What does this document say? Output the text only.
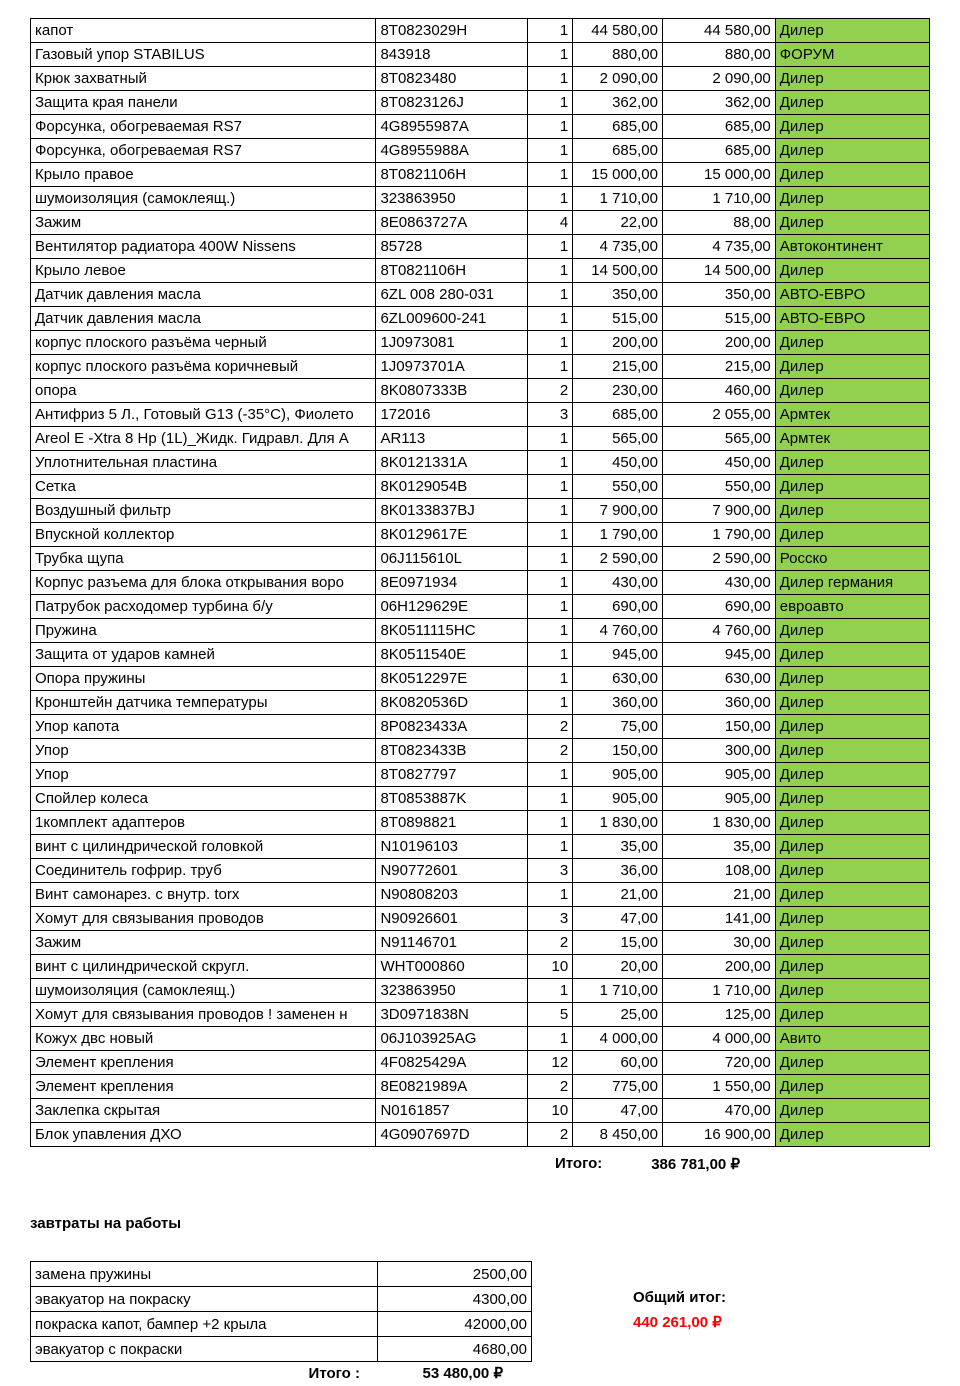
капот	8T0823029H	1	44 580,00	44 580,00	Дилер
Газовый упор STABILUS	843918	1	880,00	880,00	ФОРУМ
Крюк захватный	8T0823480	1	2 090,00	2 090,00	Дилер
Защита края панели	8T0823126J	1	362,00	362,00	Дилер
Форсунка, обогреваемая RS7	4G8955987A	1	685,00	685,00	Дилер
Форсунка, обогреваемая RS7	4G8955988A	1	685,00	685,00	Дилер
Крыло правое	8T0821106H	1	15 000,00	15 000,00	Дилер
шумоизоляция (самоклеящ.)	323863950	1	1 710,00	1 710,00	Дилер
Зажим	8E0863727A	4	22,00	88,00	Дилер
Вентилятор радиатора 400W Nissens	85728	1	4 735,00	4 735,00	Автоконтинент
Крыло левое	8T0821106H	1	14 500,00	14 500,00	Дилер
Датчик давления масла	6ZL 008 280-031	1	350,00	350,00	АВТО-ЕВРО
Датчик давления масла	6ZL009600-241	1	515,00	515,00	АВТО-ЕВРО
корпус плоского разъёма черный	1J0973081	1	200,00	200,00	Дилер
корпус плоского разъёма коричневый	1J0973701A	1	215,00	215,00	Дилер
опора	8K0807333B	2	230,00	460,00	Дилер
Антифриз 5 Л., Готовый G13 (-35°C), Фиолето	172016	3	685,00	2 055,00	Армтек
Areol E -Xtra 8 Hp (1L)_Жидк. Гидравл. Для А	AR113	1	565,00	565,00	Армтек
Уплотнительная пластина	8K0121331A	1	450,00	450,00	Дилер
Сетка	8K0129054B	1	550,00	550,00	Дилер
Воздушный фильтр	8K0133837BJ	1	7 900,00	7 900,00	Дилер
Впускной коллектор	8K0129617E	1	1 790,00	1 790,00	Дилер
Трубка щупа	06J115610L	1	2 590,00	2 590,00	Росско
Корпус разъема для блока открывания воро	8E0971934	1	430,00	430,00	Дилер германия
Патрубок расходомер турбина б/у	06H129629E	1	690,00	690,00	евроавто
Пружина	8K0511115HC	1	4 760,00	4 760,00	Дилер
Защита от ударов камней	8K0511540E	1	945,00	945,00	Дилер
Опора пружины	8K0512297E	1	630,00	630,00	Дилер
Кронштейн датчика температуры	8K0820536D	1	360,00	360,00	Дилер
Упор капота	8P0823433A	2	75,00	150,00	Дилер
Упор	8T0823433B	2	150,00	300,00	Дилер
Упор	8T0827797	1	905,00	905,00	Дилер
Спойлер колеса	8T0853887K	1	905,00	905,00	Дилер
1комплект адаптеров	8T0898821	1	1 830,00	1 830,00	Дилер
винт с цилиндрической головкой	N10196103	1	35,00	35,00	Дилер
Соединитель гофрир. труб	N90772601	3	36,00	108,00	Дилер
Винт самонарез. с внутр. torx	N90808203	1	21,00	21,00	Дилер
Хомут для связывания проводов	N90926601	3	47,00	141,00	Дилер
Зажим	N91146701	2	15,00	30,00	Дилер
винт с цилиндрической скругл.	WHT000860	10	20,00	200,00	Дилер
шумоизоляция (самоклеящ.)	323863950	1	1 710,00	1 710,00	Дилер
Хомут для связывания проводов ! заменен н	3D0971838N	5	25,00	125,00	Дилер
Кожух двс новый	06J103925AG	1	4 000,00	4 000,00	Авито
Элемент крепления	4F0825429A	12	60,00	720,00	Дилер
Элемент крепления	8E0821989A	2	775,00	1 550,00	Дилер
Заклепка скрытая	N0161857	10	47,00	470,00	Дилер
Блок упавления ДХО	4G0907697D	2	8 450,00	16 900,00	Дилер
Итого:	386 781,00 ₽
завтраты на работы
замена пружины	2500,00
эвакуатор на покраску	4300,00
покраска капот, бампер +2 крыла	42000,00
эвакуатор с покраски	4680,00
Итого :	53 480,00 ₽
Общий итог:
440 261,00 ₽
